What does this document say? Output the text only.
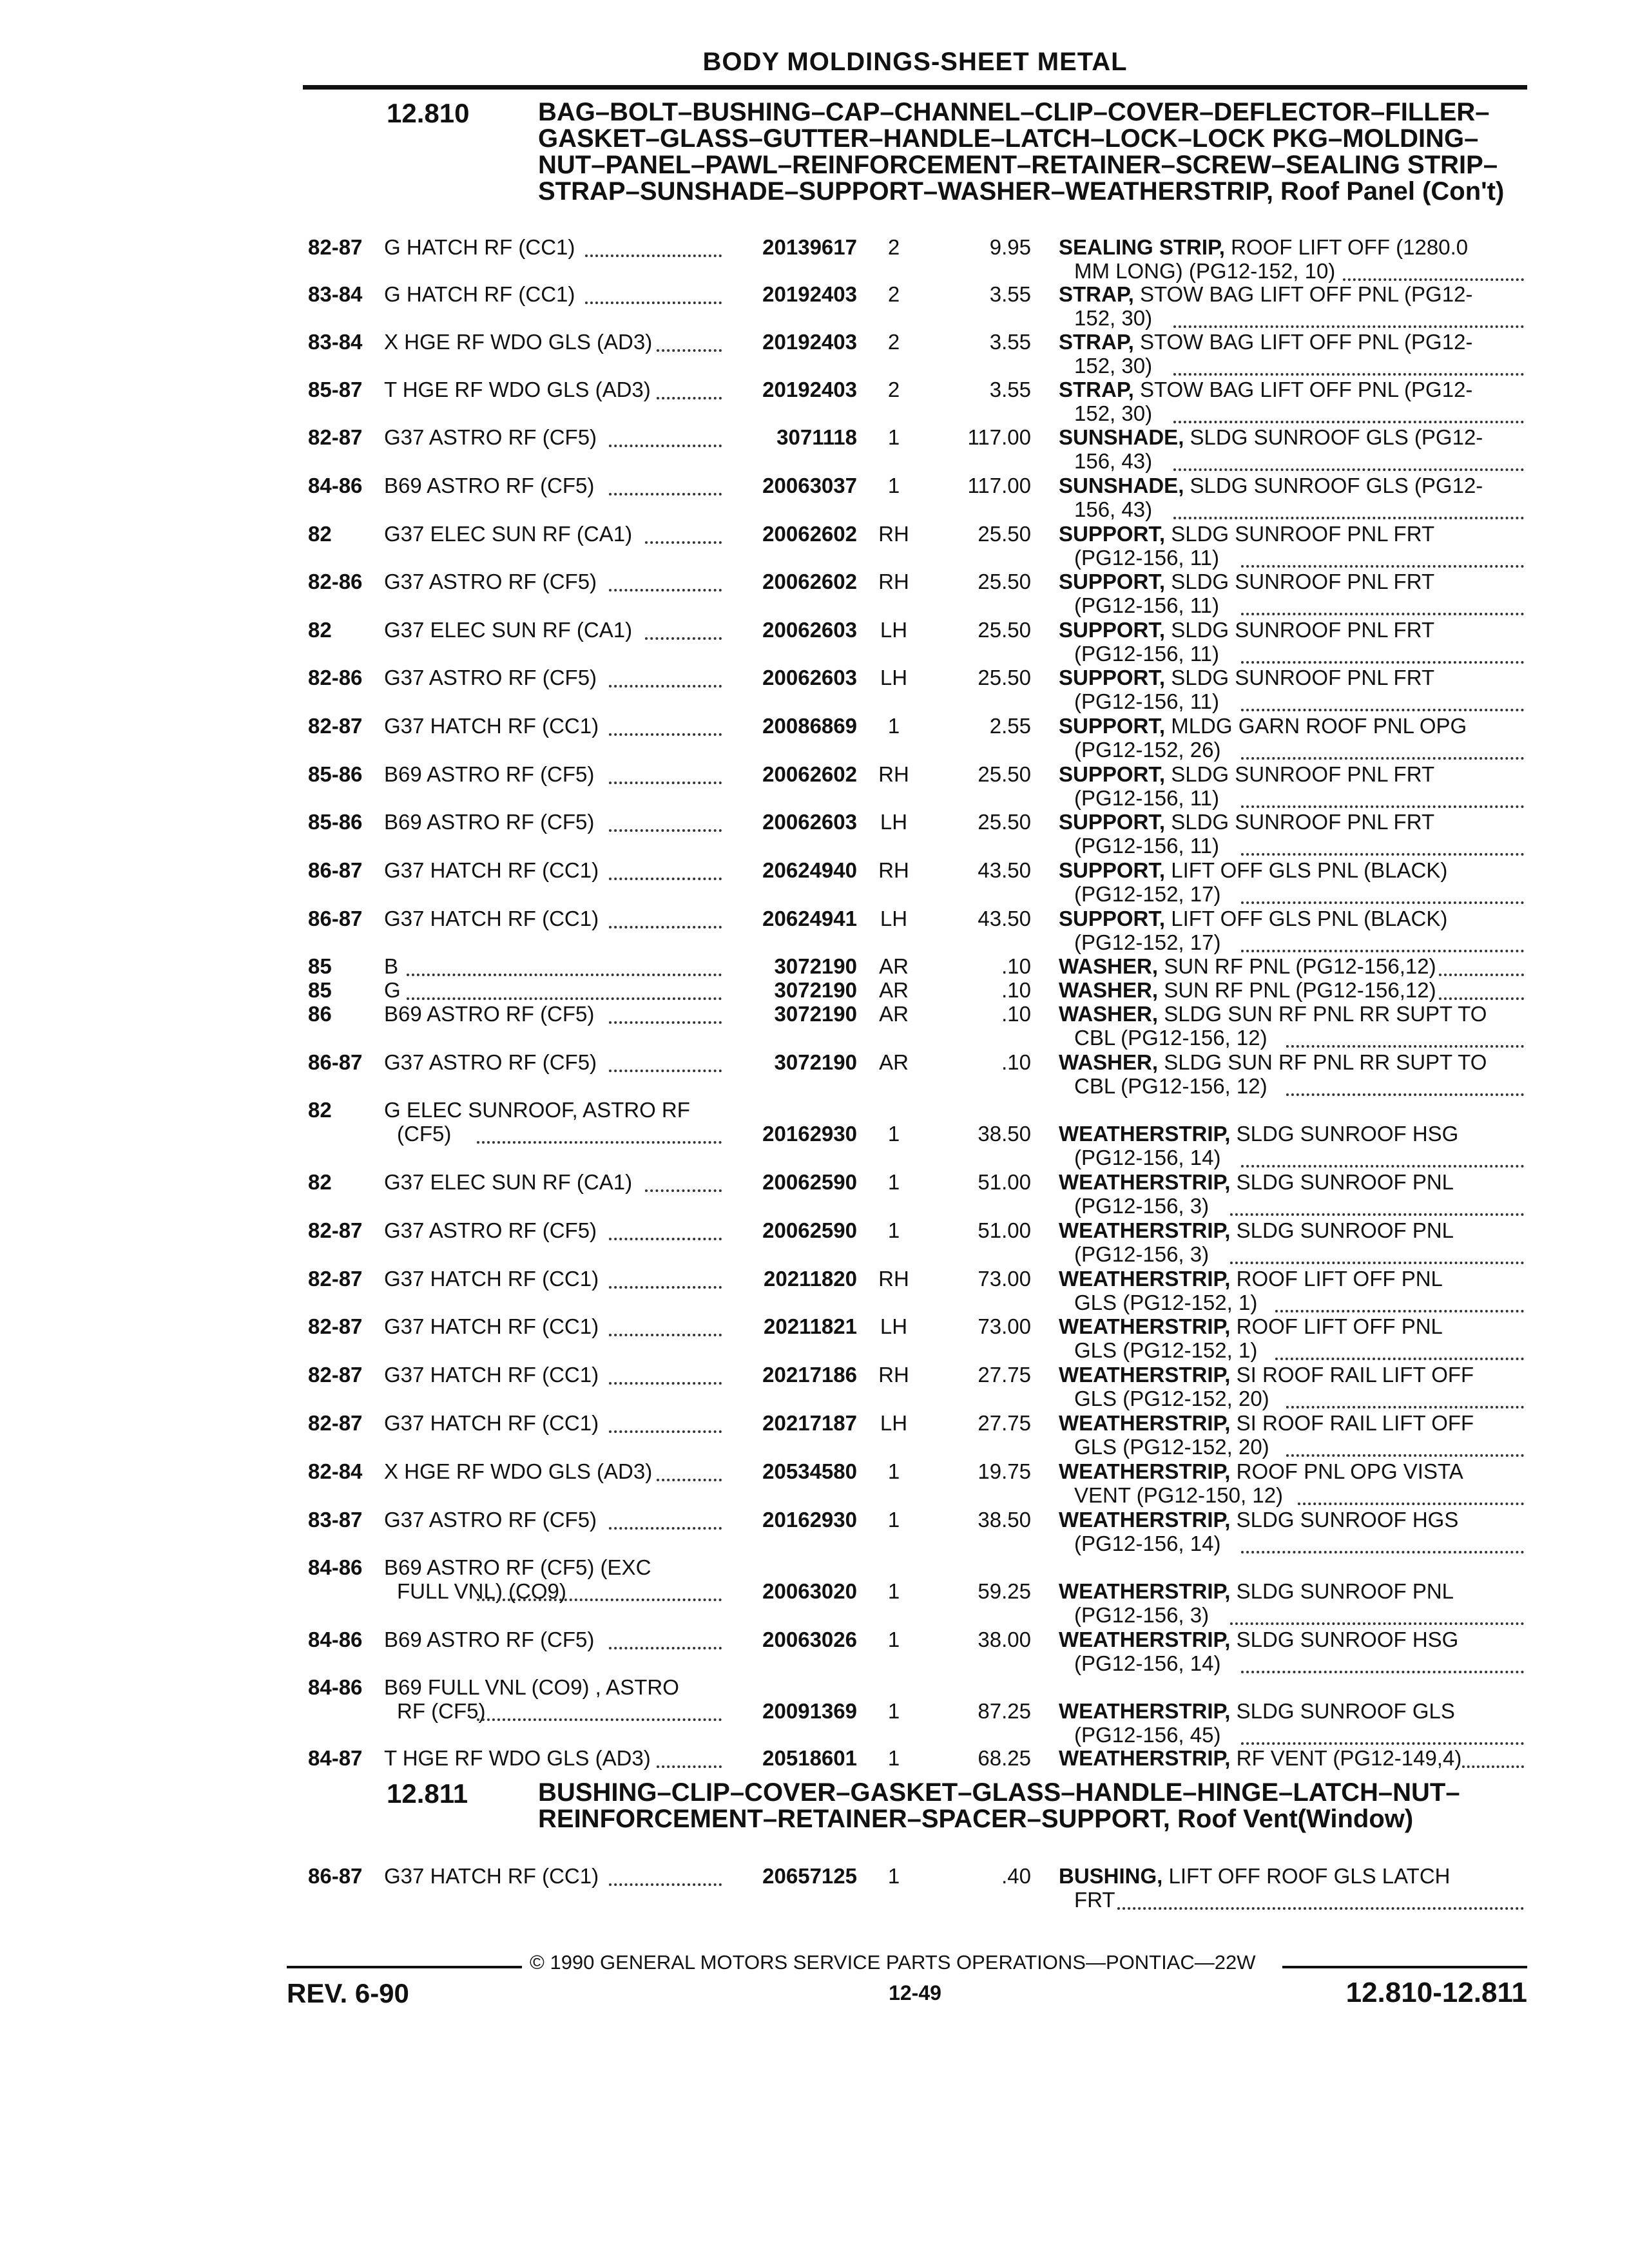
BODY MOLDINGS-SHEET METAL
12.810	BAG–BOLT–BUSHING–CAP–CHANNEL–CLIP–COVER–DEFLECTOR–FILLER–GASKET–GLASS–GUTTER–HANDLE–LATCH–LOCK–LOCK PKG–MOLDING–NUT–PANEL–PAWL–REINFORCEMENT–RETAINER–SCREW–SEALING STRIP–STRAP–SUNSHADE–SUPPORT–WASHER–WEATHERSTRIP, Roof Panel (Con't)
12.811	BUSHING–CLIP–COVER–GASKET–GLASS–HANDLE–HINGE–LATCH–NUT–REINFORCEMENT–RETAINER–SPACER–SUPPORT, Roof Vent(Window)
82-87 G HATCH RF (CC1)	20139617	2	9.95 SEALING STRIP, ROOF LIFT OFF (1280.0
MM LONG) (PG12-152, 10)
83-84 G HATCH RF (CC1)	20192403	2	3.55 STRAP, STOW BAG LIFT OFF PNL (PG12-
152, 30)
83-84 X HGE RF WDO GLS (AD3)	20192403	2	3.55 STRAP, STOW BAG LIFT OFF PNL (PG12-
152, 30)
85-87 T HGE RF WDO GLS (AD3)	20192403	2	3.55 STRAP, STOW BAG LIFT OFF PNL (PG12-
152, 30)
82-87 G37 ASTRO RF (CF5)	3071118	1	117.00 SUNSHADE, SLDG SUNROOF GLS (PG12-
156, 43)
84-86 B69 ASTRO RF (CF5)	20063037	1	117.00 SUNSHADE, SLDG SUNROOF GLS (PG12-
156, 43)
82 G37 ELEC SUN RF (CA1)	20062602	RH	25.50 SUPPORT, SLDG SUNROOF PNL FRT
(PG12-156, 11)
82-86 G37 ASTRO RF (CF5)	20062602	RH	25.50 SUPPORT, SLDG SUNROOF PNL FRT
(PG12-156, 11)
82 G37 ELEC SUN RF (CA1)	20062603	LH	25.50 SUPPORT, SLDG SUNROOF PNL FRT
(PG12-156, 11)
82-86 G37 ASTRO RF (CF5)	20062603	LH	25.50 SUPPORT, SLDG SUNROOF PNL FRT
(PG12-156, 11)
82-87 G37 HATCH RF (CC1)	20086869	1	2.55 SUPPORT, MLDG GARN ROOF PNL OPG
(PG12-152, 26)
85-86 B69 ASTRO RF (CF5)	20062602	RH	25.50 SUPPORT, SLDG SUNROOF PNL FRT
(PG12-156, 11)
85-86 B69 ASTRO RF (CF5)	20062603	LH	25.50 SUPPORT, SLDG SUNROOF PNL FRT
(PG12-156, 11)
86-87 G37 HATCH RF (CC1)	20624940	RH	43.50 SUPPORT, LIFT OFF GLS PNL (BLACK)
(PG12-152, 17)
86-87 G37 HATCH RF (CC1)	20624941	LH	43.50 SUPPORT, LIFT OFF GLS PNL (BLACK)
(PG12-152, 17)
85 B	3072190	AR	.10 WASHER, SUN RF PNL (PG12-156,12)
85 G	3072190	AR	.10 WASHER, SUN RF PNL (PG12-156,12)
86 B69 ASTRO RF (CF5)	3072190	AR	.10 WASHER, SLDG SUN RF PNL RR SUPT TO
CBL (PG12-156, 12)
86-87 G37 ASTRO RF (CF5)	3072190	AR	.10 WASHER, SLDG SUN RF PNL RR SUPT TO
CBL (PG12-156, 12)
82 G ELEC SUNROOF, ASTRO RF
(CF5)	20162930	1	38.50 WEATHERSTRIP, SLDG SUNROOF HSG
(PG12-156, 14)
82 G37 ELEC SUN RF (CA1)	20062590	1	51.00 WEATHERSTRIP, SLDG SUNROOF PNL
(PG12-156, 3)
82-87 G37 ASTRO RF (CF5)	20062590	1	51.00 WEATHERSTRIP, SLDG SUNROOF PNL
(PG12-156, 3)
82-87 G37 HATCH RF (CC1)	20211820	RH	73.00 WEATHERSTRIP, ROOF LIFT OFF PNL
GLS (PG12-152, 1)
82-87 G37 HATCH RF (CC1)	20211821	LH	73.00 WEATHERSTRIP, ROOF LIFT OFF PNL
GLS (PG12-152, 1)
82-87 G37 HATCH RF (CC1)	20217186	RH	27.75 WEATHERSTRIP, SI ROOF RAIL LIFT OFF
GLS (PG12-152, 20)
82-87 G37 HATCH RF (CC1)	20217187	LH	27.75 WEATHERSTRIP, SI ROOF RAIL LIFT OFF
GLS (PG12-152, 20)
82-84 X HGE RF WDO GLS (AD3)	20534580	1	19.75 WEATHERSTRIP, ROOF PNL OPG VISTA
VENT (PG12-150, 12)
83-87 G37 ASTRO RF (CF5)	20162930	1	38.50 WEATHERSTRIP, SLDG SUNROOF HGS
(PG12-156, 14)
84-86 B69 ASTRO RF (CF5) (EXC
FULL VNL) (CO9)	20063020	1	59.25 WEATHERSTRIP, SLDG SUNROOF PNL
(PG12-156, 3)
84-86 B69 ASTRO RF (CF5)	20063026	1	38.00 WEATHERSTRIP, SLDG SUNROOF HSG
(PG12-156, 14)
84-86 B69 FULL VNL (CO9) , ASTRO
RF (CF5)	20091369	1	87.25 WEATHERSTRIP, SLDG SUNROOF GLS
(PG12-156, 45)
84-87 T HGE RF WDO GLS (AD3)	20518601	1	68.25 WEATHERSTRIP, RF VENT (PG12-149,4)
86-87 G37 HATCH RF (CC1)	20657125	1	.40 BUSHING, LIFT OFF ROOF GLS LATCH
FRT
© 1990 GENERAL MOTORS SERVICE PARTS OPERATIONS—PONTIAC—22W
REV. 6-90	12-49	12.810-12.811
